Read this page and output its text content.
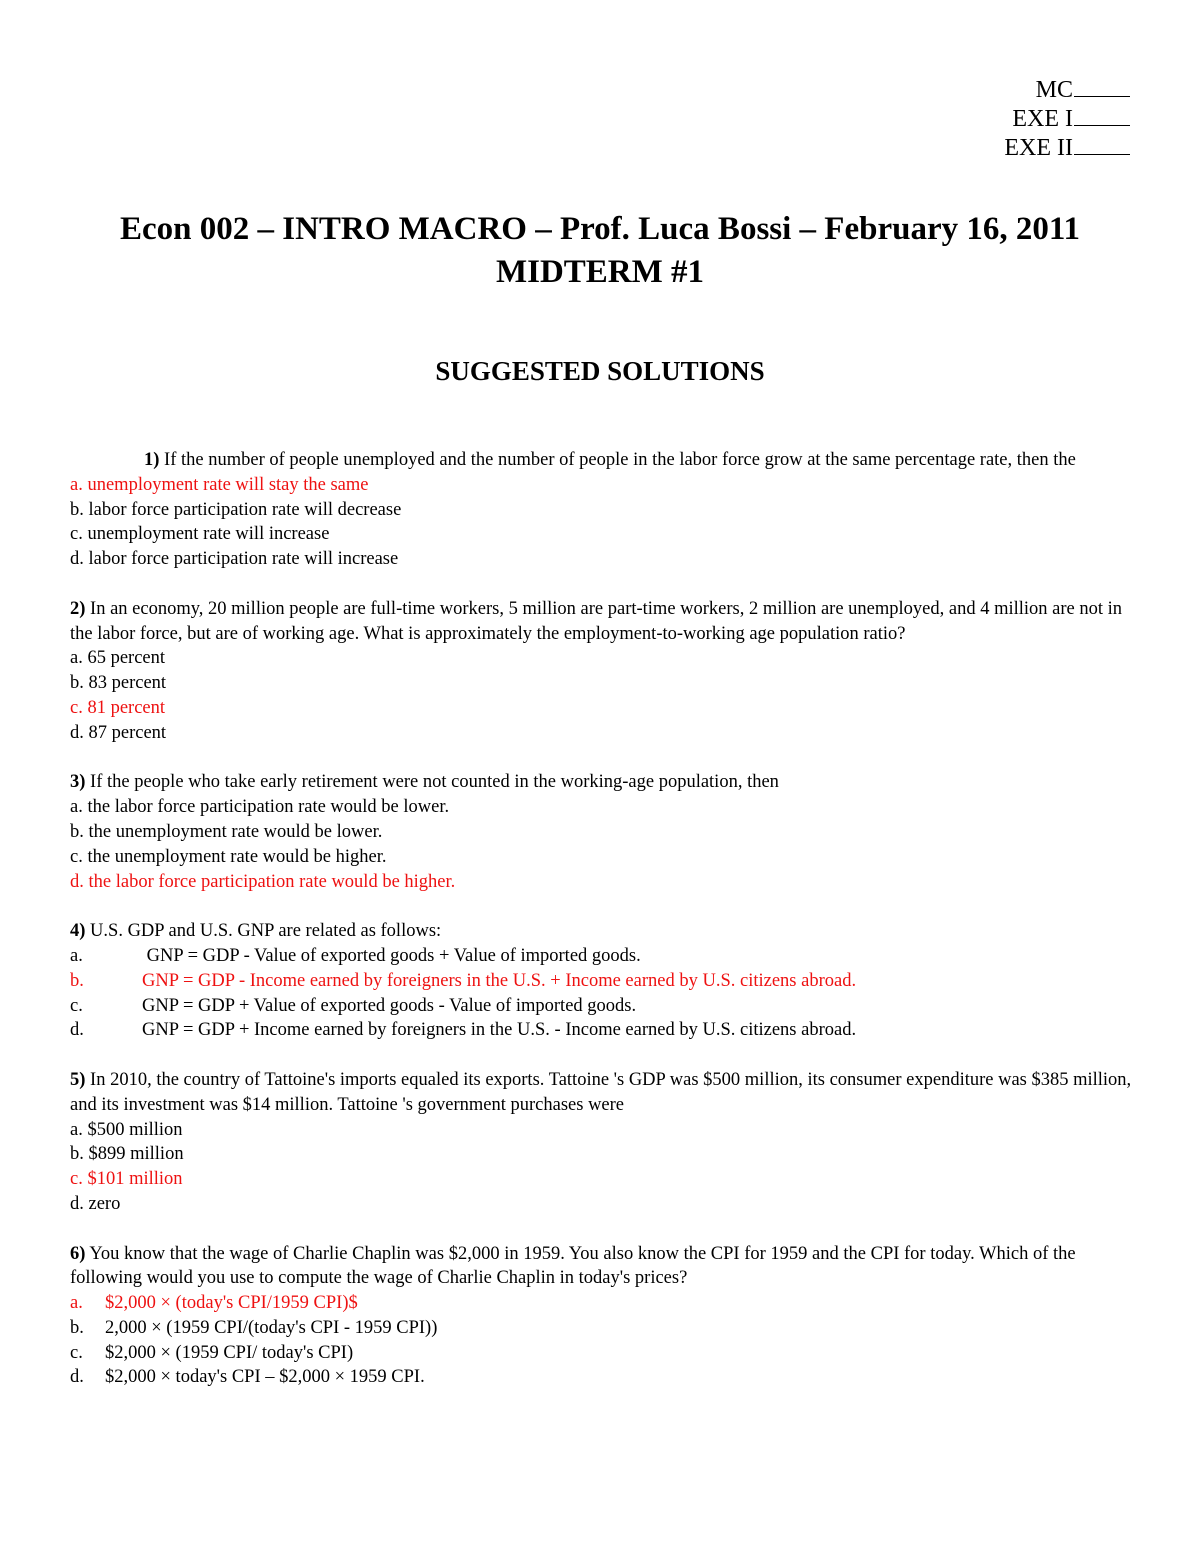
MC
EXE I
EXE II
Econ 002 – INTRO MACRO – Prof. Luca Bossi – February 16, 2011
MIDTERM #1
SUGGESTED SOLUTIONS
1) If the number of people unemployed and the number of people in the labor force grow at the same percentage rate, then the
a. unemployment rate will stay the same
b. labor force participation rate will decrease
c. unemployment rate will increase
d. labor force participation rate will increase
2) In an economy, 20 million people are full-time workers, 5 million are part-time workers, 2 million are unemployed, and 4 million are not in the labor force, but are of working age. What is approximately the employment-to-working age population ratio?
a. 65 percent
b. 83 percent
c. 81 percent
d. 87 percent
3) If the people who take early retirement were not counted in the working-age population, then
a. the labor force participation rate would be lower.
b. the unemployment rate would be lower.
c. the unemployment rate would be higher.
d. the labor force participation rate would be higher.
4) U.S. GDP and U.S. GNP are related as follows:
a.	GNP = GDP - Value of exported goods + Value of imported goods.
b.	GNP = GDP - Income earned by foreigners in the U.S. + Income earned by U.S. citizens abroad.
c.	GNP = GDP + Value of exported goods - Value of imported goods.
d.	GNP = GDP + Income earned by foreigners in the U.S. - Income earned by U.S. citizens abroad.
5) In 2010, the country of Tattoine's imports equaled its exports. Tattoine 's GDP was $500 million, its consumer expenditure was $385 million, and its investment was $14 million. Tattoine 's government purchases were
a. $500 million
b. $899 million
c. $101 million
d. zero
6) You know that the wage of Charlie Chaplin was $2,000 in 1959. You also know the CPI for 1959 and the CPI for today. Which of the following would you use to compute the wage of Charlie Chaplin in today's prices?
a. $2,000 × (today's CPI/1959 CPI)$
b. 2,000 × (1959 CPI/(today's CPI - 1959 CPI))
c. $2,000 × (1959 CPI/ today's CPI)
d. $2,000 × today's CPI – $2,000 × 1959 CPI.
